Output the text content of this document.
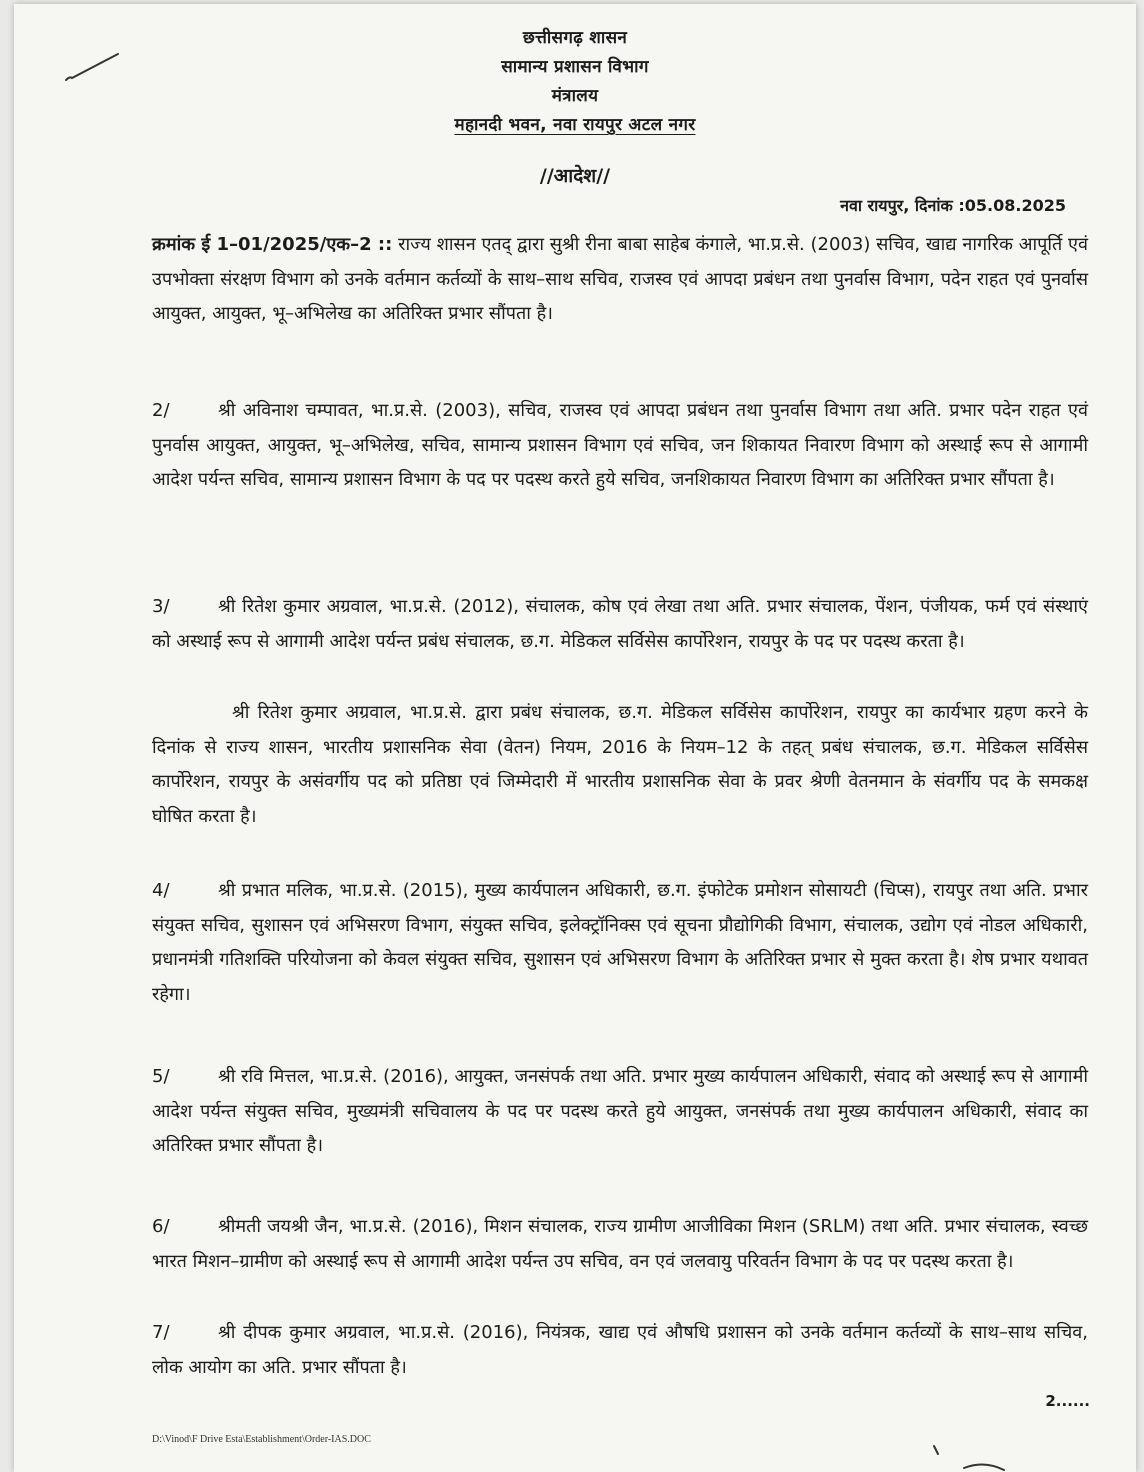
छत्तीसगढ़ शासन
सामान्य प्रशासन विभाग
मंत्रालय
महानदी भवन, नवा रायपुर अटल नगर
//आदेश//
नवा रायपुर, दिनांक :05.08.2025
क्रमांक ई 1–01/2025/एक–2 :: राज्य शासन एतद् द्वारा सुश्री रीना बाबा साहेब कंगाले, भा.प्र.से. (2003) सचिव, खाद्य नागरिक आपूर्ति एवं उपभोक्ता संरक्षण विभाग को उनके वर्तमान कर्तव्यों के साथ–साथ सचिव, राजस्व एवं आपदा प्रबंधन तथा पुनर्वास विभाग, पदेन राहत एवं पुनर्वास आयुक्त, आयुक्त, भू–अभिलेख का अतिरिक्त प्रभार सौंपता है।
2/	श्री अविनाश चम्पावत, भा.प्र.से. (2003), सचिव, राजस्व एवं आपदा प्रबंधन तथा पुनर्वास विभाग तथा अति. प्रभार पदेन राहत एवं पुनर्वास आयुक्त, आयुक्त, भू–अभिलेख, सचिव, सामान्य प्रशासन विभाग एवं सचिव, जन शिकायत निवारण विभाग को अस्थाई रूप से आगामी आदेश पर्यन्त सचिव, सामान्य प्रशासन विभाग के पद पर पदस्थ करते हुये सचिव, जनशिकायत निवारण विभाग का अतिरिक्त प्रभार सौंपता है।
3/	श्री रितेश कुमार अग्रवाल, भा.प्र.से. (2012), संचालक, कोष एवं लेखा तथा अति. प्रभार संचालक, पेंशन, पंजीयक, फर्म एवं संस्थाएं को अस्थाई रूप से आगामी आदेश पर्यन्त प्रबंध संचालक, छ.ग. मेडिकल सर्विसेस कार्पोरेशन, रायपुर के पद पर पदस्थ करता है।
श्री रितेश कुमार अग्रवाल, भा.प्र.से. द्वारा प्रबंध संचालक, छ.ग. मेडिकल सर्विसेस कार्पोरेशन, रायपुर का कार्यभार ग्रहण करने के दिनांक से राज्य शासन, भारतीय प्रशासनिक सेवा (वेतन) नियम, 2016 के नियम–12 के तहत् प्रबंध संचालक, छ.ग. मेडिकल सर्विसेस कार्पोरेशन, रायपुर के असंवर्गीय पद को प्रतिष्ठा एवं जिम्मेदारी में भारतीय प्रशासनिक सेवा के प्रवर श्रेणी वेतनमान के संवर्गीय पद के समकक्ष घोषित करता है।
4/	श्री प्रभात मलिक, भा.प्र.से. (2015), मुख्य कार्यपालन अधिकारी, छ.ग. इंफोटेक प्रमोशन सोसायटी (चिप्स), रायपुर तथा अति. प्रभार संयुक्त सचिव, सुशासन एवं अभिसरण विभाग, संयुक्त सचिव, इलेक्ट्रॉनिक्स एवं सूचना प्रौद्योगिकी विभाग, संचालक, उद्योग एवं नोडल अधिकारी, प्रधानमंत्री गतिशक्ति परियोजना को केवल संयुक्त सचिव, सुशासन एवं अभिसरण विभाग के अतिरिक्त प्रभार से मुक्त करता है। शेष प्रभार यथावत रहेगा।
5/	श्री रवि मित्तल, भा.प्र.से. (2016), आयुक्त, जनसंपर्क तथा अति. प्रभार मुख्य कार्यपालन अधिकारी, संवाद को अस्थाई रूप से आगामी आदेश पर्यन्त संयुक्त सचिव, मुख्यमंत्री सचिवालय के पद पर पदस्थ करते हुये आयुक्त, जनसंपर्क तथा मुख्य कार्यपालन अधिकारी, संवाद का अतिरिक्त प्रभार सौंपता है।
6/	श्रीमती जयश्री जैन, भा.प्र.से. (2016), मिशन संचालक, राज्य ग्रामीण आजीविका मिशन (SRLM) तथा अति. प्रभार संचालक, स्वच्छ भारत मिशन–ग्रामीण को अस्थाई रूप से आगामी आदेश पर्यन्त उप सचिव, वन एवं जलवायु परिवर्तन विभाग के पद पर पदस्थ करता है।
7/	श्री दीपक कुमार अग्रवाल, भा.प्र.से. (2016), नियंत्रक, खाद्य एवं औषधि प्रशासन को उनके वर्तमान कर्तव्यों के साथ–साथ सचिव, लोक आयोग का अति. प्रभार सौंपता है।
2......
D:\Vinod\F Drive Esta\Establishment\Order-IAS.DOC
